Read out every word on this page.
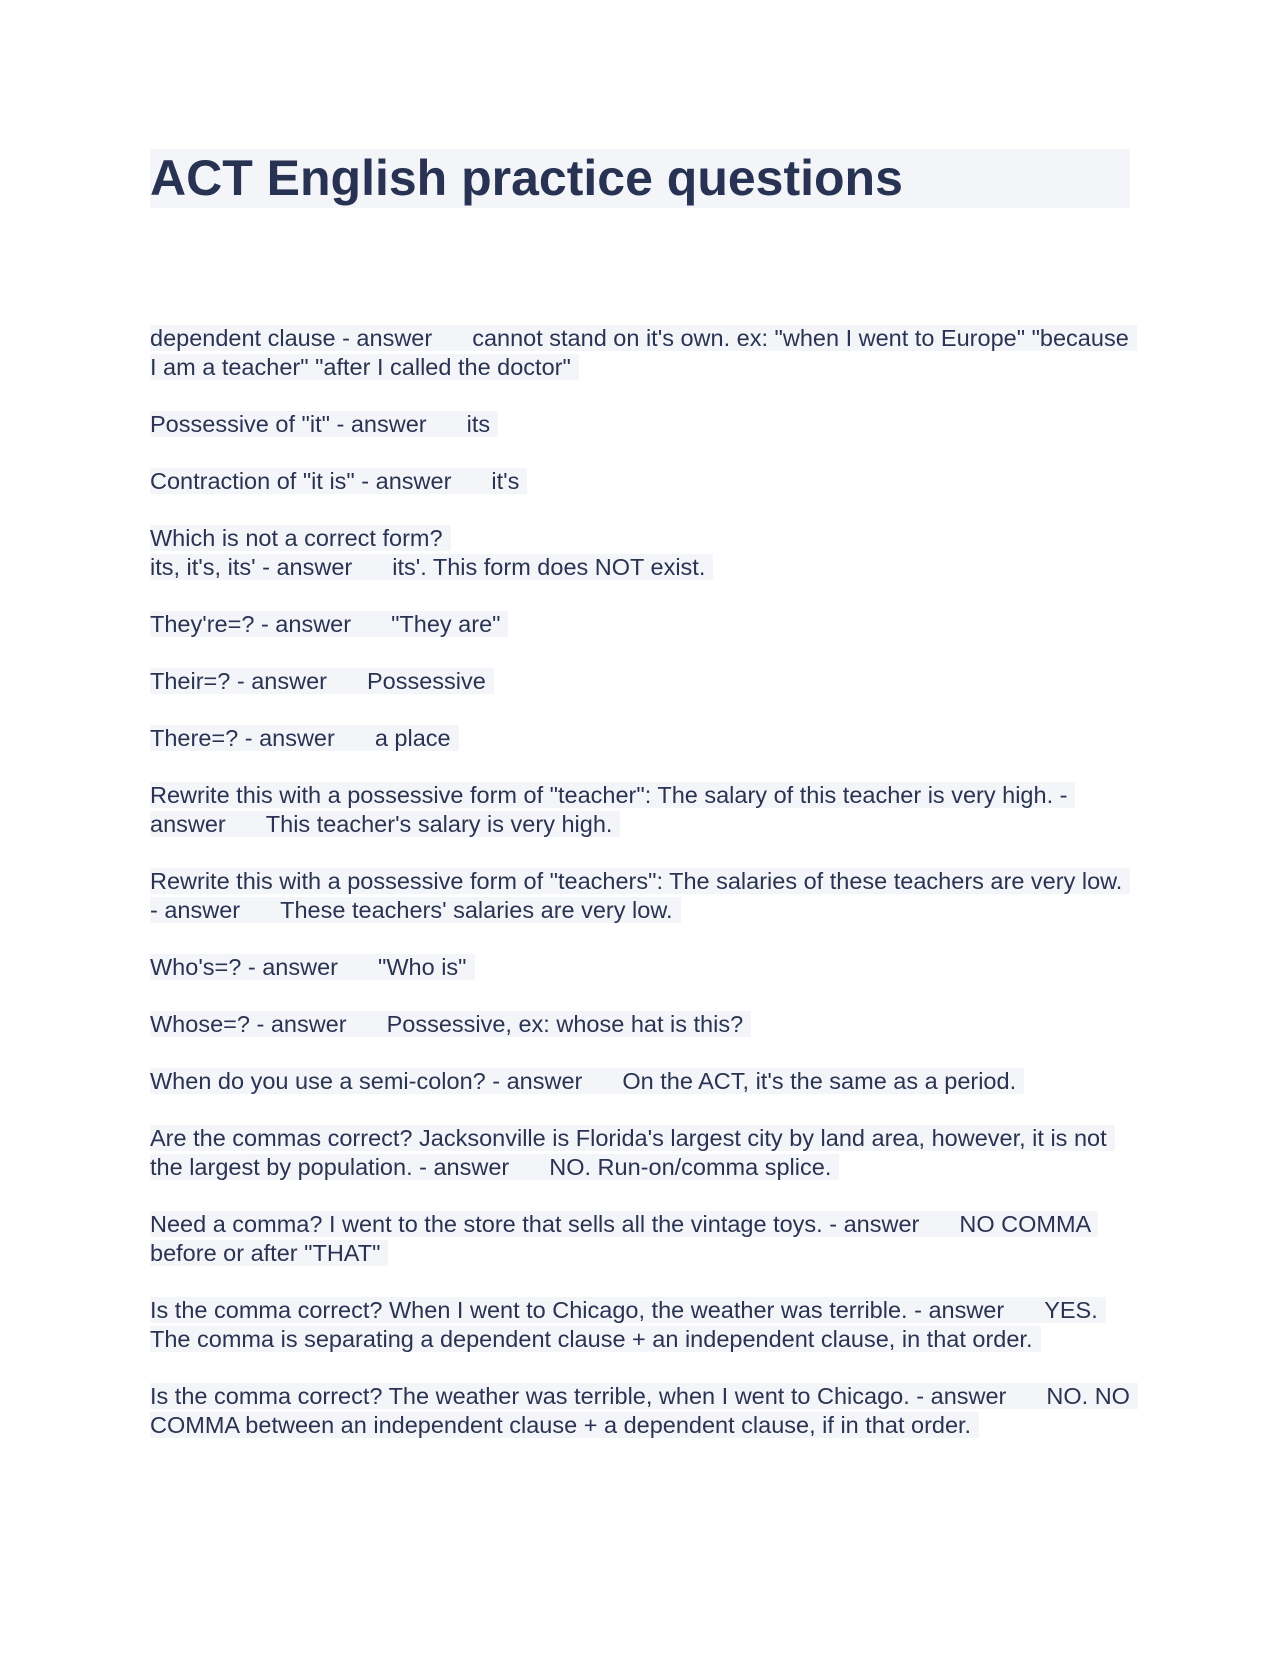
ACT English practice questions

dependent clause - answer cannot stand on it's own. ex: "when I went to Europe" "because I am a teacher" "after I called the doctor"

Possessive of "it" - answer its

Contraction of "it is" - answer it's

Which is not a correct form?
its, it's, its' - answer its'. This form does NOT exist.

They're=? - answer "They are"

Their=? - answer Possessive

There=? - answer a place

Rewrite this with a possessive form of "teacher": The salary of this teacher is very high. - answer This teacher's salary is very high.

Rewrite this with a possessive form of "teachers": The salaries of these teachers are very low. - answer These teachers' salaries are very low.

Who's=? - answer "Who is"

Whose=? - answer Possessive, ex: whose hat is this?

When do you use a semi-colon? - answer On the ACT, it's the same as a period.

Are the commas correct? Jacksonville is Florida's largest city by land area, however, it is not the largest by population. - answer NO. Run-on/comma splice.

Need a comma? I went to the store that sells all the vintage toys. - answer NO COMMA before or after "THAT"

Is the comma correct? When I went to Chicago, the weather was terrible. - answer YES. The comma is separating a dependent clause + an independent clause, in that order.

Is the comma correct? The weather was terrible, when I went to Chicago. - answer NO. NO COMMA between an independent clause + a dependent clause, if in that order.
